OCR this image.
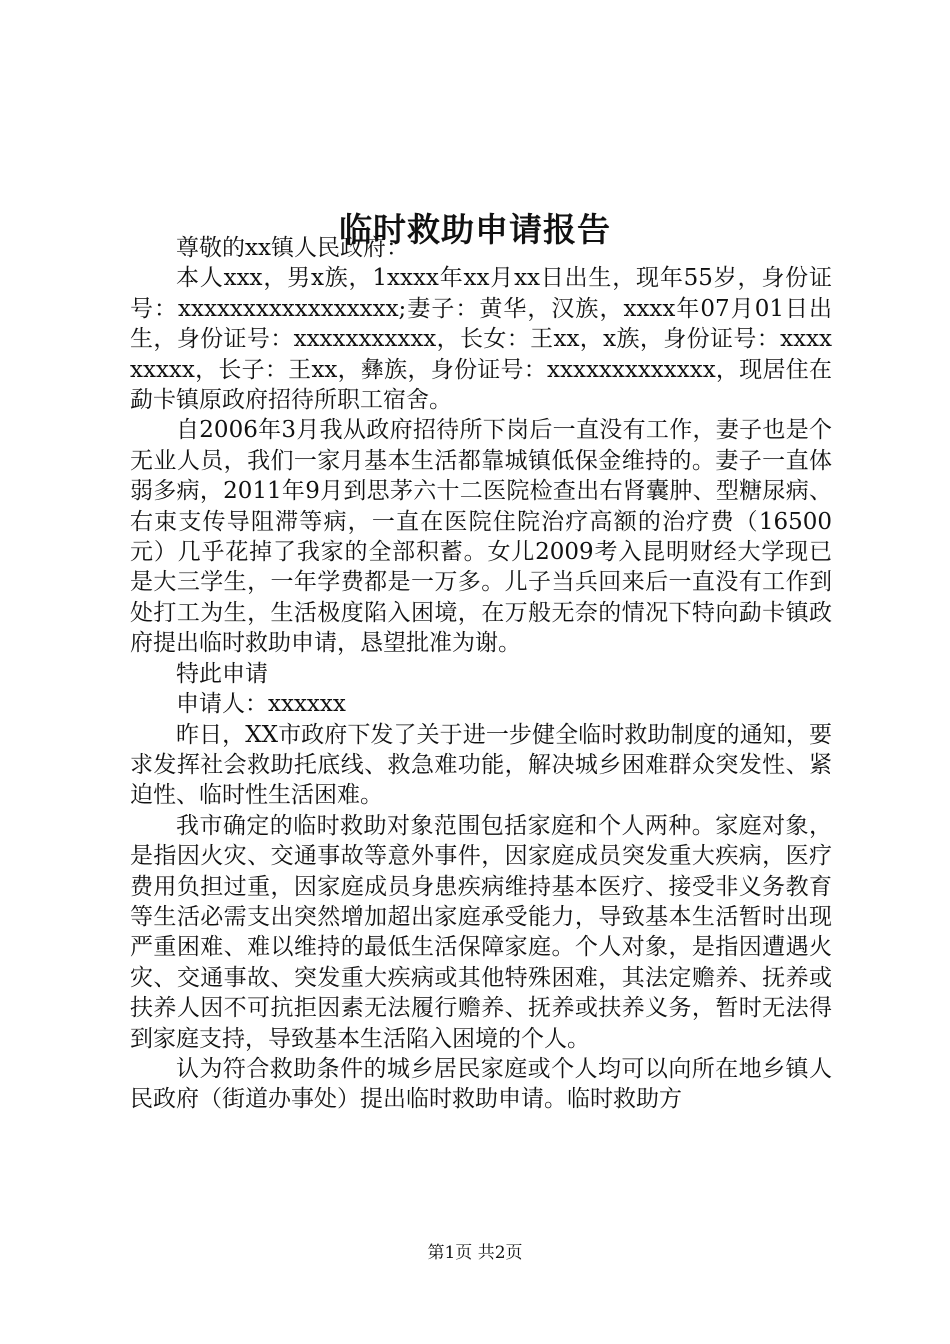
临时救助申请报告

尊敬的xx镇人民政府：

本人xxx，男x族，1xxxx年xx月xx日出生，现年55岁，身份证号：xxxxxxxxxxxxxxxxx;妻子：黄华，汉族，xxxx年07月01日出生，身份证号：xxxxxxxxxxx，长女：王xx，x族，身份证号：xxxxxxxxx，长子：王xx，彝族，身份证号：xxxxxxxxxxxxx，现居住在勐卡镇原政府招待所职工宿舍。

自2006年3月我从政府招待所下岗后一直没有工作，妻子也是个无业人员，我们一家月基本生活都靠城镇低保金维持的。妻子一直体弱多病，2011年9月到思茅六十二医院检查出右肾囊肿、型糖尿病、右束支传导阻滞等病，一直在医院住院治疗高额的治疗费（16500元）几乎花掉了我家的全部积蓄。女儿2009考入昆明财经大学现已是大三学生，一年学费都是一万多。儿子当兵回来后一直没有工作到处打工为生，生活极度陷入困境，在万般无奈的情况下特向勐卡镇政府提出临时救助申请，恳望批准为谢。

特此申请

申请人：xxxxxx

昨日，XX市政府下发了关于进一步健全临时救助制度的通知，要求发挥社会救助托底线、救急难功能，解决城乡困难群众突发性、紧迫性、临时性生活困难。

我市确定的临时救助对象范围包括家庭和个人两种。家庭对象，是指因火灾、交通事故等意外事件，因家庭成员突发重大疾病，医疗费用负担过重，因家庭成员身患疾病维持基本医疗、接受非义务教育等生活必需支出突然增加超出家庭承受能力，导致基本生活暂时出现严重困难、难以维持的最低生活保障家庭。个人对象，是指因遭遇火灾、交通事故、突发重大疾病或其他特殊困难，其法定赡养、抚养或扶养人因不可抗拒因素无法履行赡养、抚养或扶养义务，暂时无法得到家庭支持，导致基本生活陷入困境的个人。

认为符合救助条件的城乡居民家庭或个人均可以向所在地乡镇人民政府（街道办事处）提出临时救助申请。临时救助方

第1页 共2页
